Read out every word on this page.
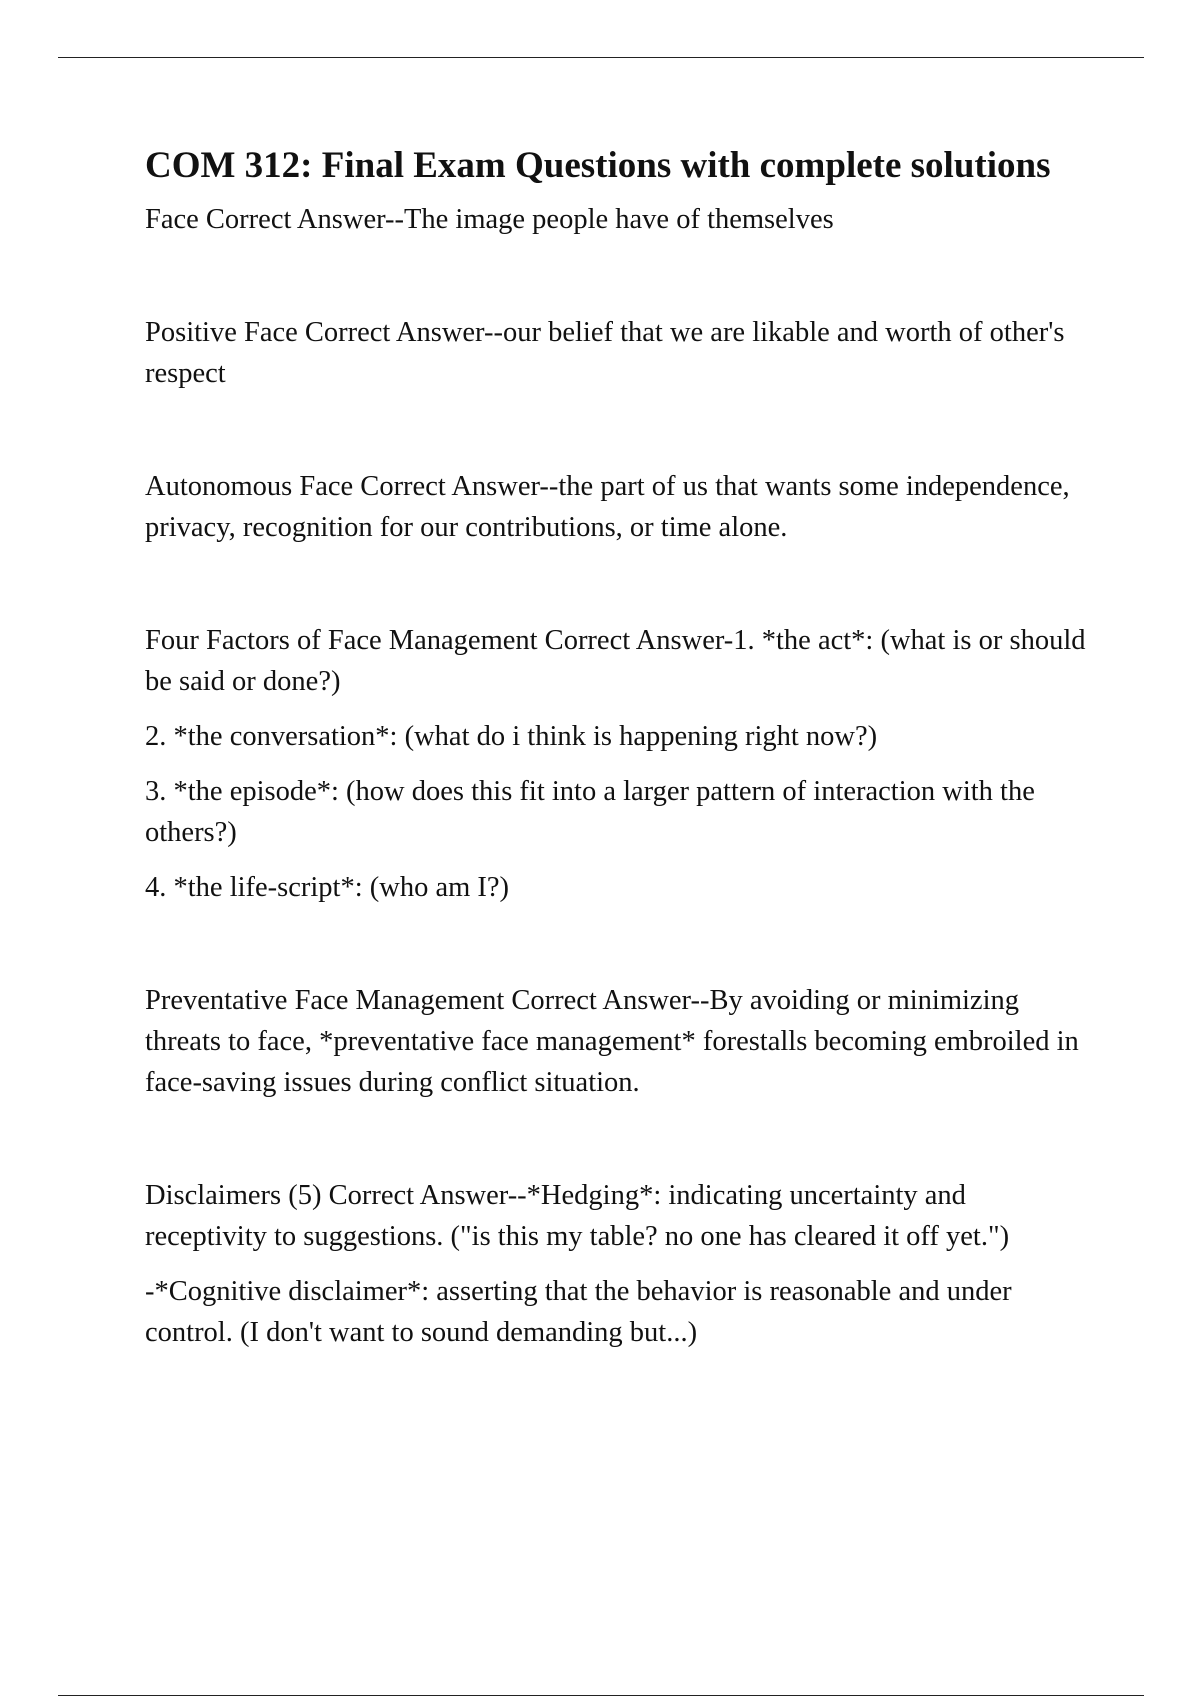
COM 312: Final Exam Questions with complete solutions

Face Correct Answer--The image people have of themselves

Positive Face Correct Answer--our belief that we are likable and worth of other's respect

Autonomous Face Correct Answer--the part of us that wants some independence, privacy, recognition for our contributions, or time alone.

Four Factors of Face Management Correct Answer-1. *the act*: (what is or should be said or done?)

2. *the conversation*: (what do i think is happening right now?)

3. *the episode*: (how does this fit into a larger pattern of interaction with the others?)

4. *the life-script*: (who am I?)

Preventative Face Management Correct Answer--By avoiding or minimizing threats to face, *preventative face management* forestalls becoming embroiled in face-saving issues during conflict situation.

Disclaimers (5) Correct Answer--*Hedging*: indicating uncertainty and receptivity to suggestions. ("is this my table? no one has cleared it off yet.")

-*Cognitive disclaimer*: asserting that the behavior is reasonable and under control. (I don't want to sound demanding but...)
